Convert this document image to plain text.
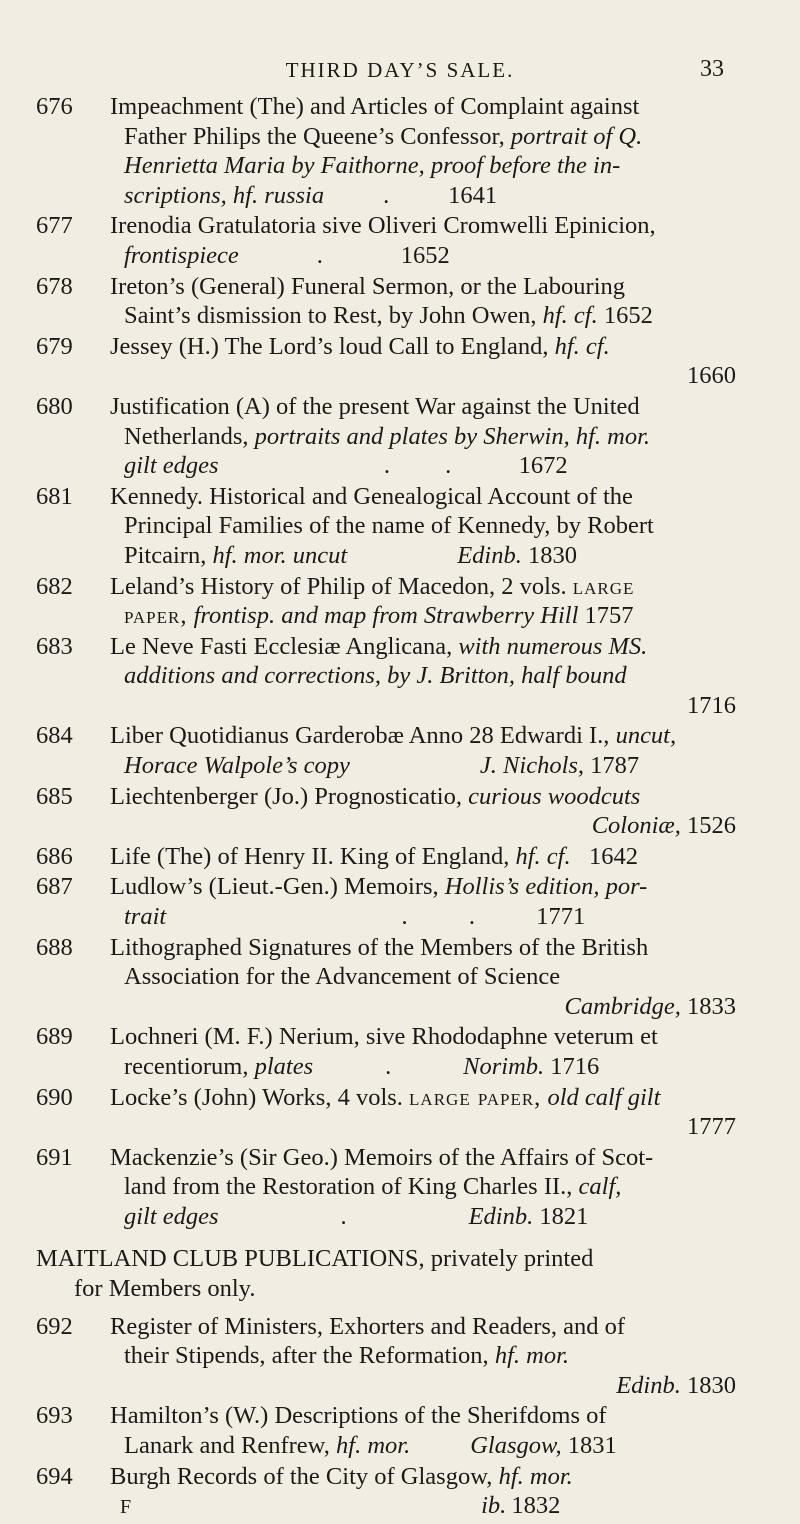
THIRD DAY’S SALE.	33
676	Impeachment (The) and Articles of Complaint against
Father Philips the Queene’s Confessor, portrait of Q.
Henrietta Maria by Faithorne, proof before the in-
scriptions, hf. russia . 1641
677	Irenodia Gratulatoria sive Oliveri Cromwelli Epinicion,
frontispiece	.	1652
678	Ireton’s (General) Funeral Sermon, or the Labouring
Saint’s dismission to Rest, by John Owen, hf. cf. 1652
679	Jessey (H.) The Lord’s loud Call to England, hf. cf.
1660
680	Justification (A) of the present War against the United
Netherlands, portraits and plates by Sherwin, hf. mor.
gilt edges	.         .           1672
681	Kennedy. Historical and Genealogical Account of the
Principal Families of the name of Kennedy, by Robert
Pitcairn, hf. mor. uncut	Edinb. 1830
682	Leland’s History of Philip of Macedon, 2 vols. large
paper, frontisp. and map from Strawberry Hill 1757
683	Le Neve Fasti Ecclesiæ Anglicana, with numerous MS.
additions and corrections, by J. Britton, half bound
1716
684	Liber Quotidianus Garderobæ Anno 28 Edwardi I., uncut,
Horace Walpole’s copy	J. Nichols, 1787
685	Liechtenberger (Jo.) Prognosticatio, curious woodcuts
Coloniæ, 1526
686	Life (The) of Henry II. King of England, hf. cf. 1642
687	Ludlow’s (Lieut.-Gen.) Memoirs, Hollis’s edition, por-
trait	.          .          1771
688	Lithographed Signatures of the Members of the British
Association for the Advancement of Science
Cambridge, 1833
689	Lochneri (M. F.) Nerium, sive Rhododaphne veterum et
recentiorum, plates	.	Norimb. 1716
690	Locke’s (John) Works, 4 vols. large paper, old calf gilt
1777
691	Mackenzie’s (Sir Geo.) Memoirs of the Affairs of Scot-
land from the Restoration of King Charles II., calf,
gilt edges	.	Edinb. 1821
MAITLAND CLUB PUBLICATIONS, privately printed
for Members only.
692	Register of Ministers, Exhorters and Readers, and of
their Stipends, after the Reformation, hf. mor.
Edinb. 1830
693	Hamilton’s (W.) Descriptions of the Sherifdoms of
Lanark and Renfrew, hf. mor. Glasgow, 1831
694	Burgh Records of the City of Glasgow, hf. mor.
F	ib. 1832
